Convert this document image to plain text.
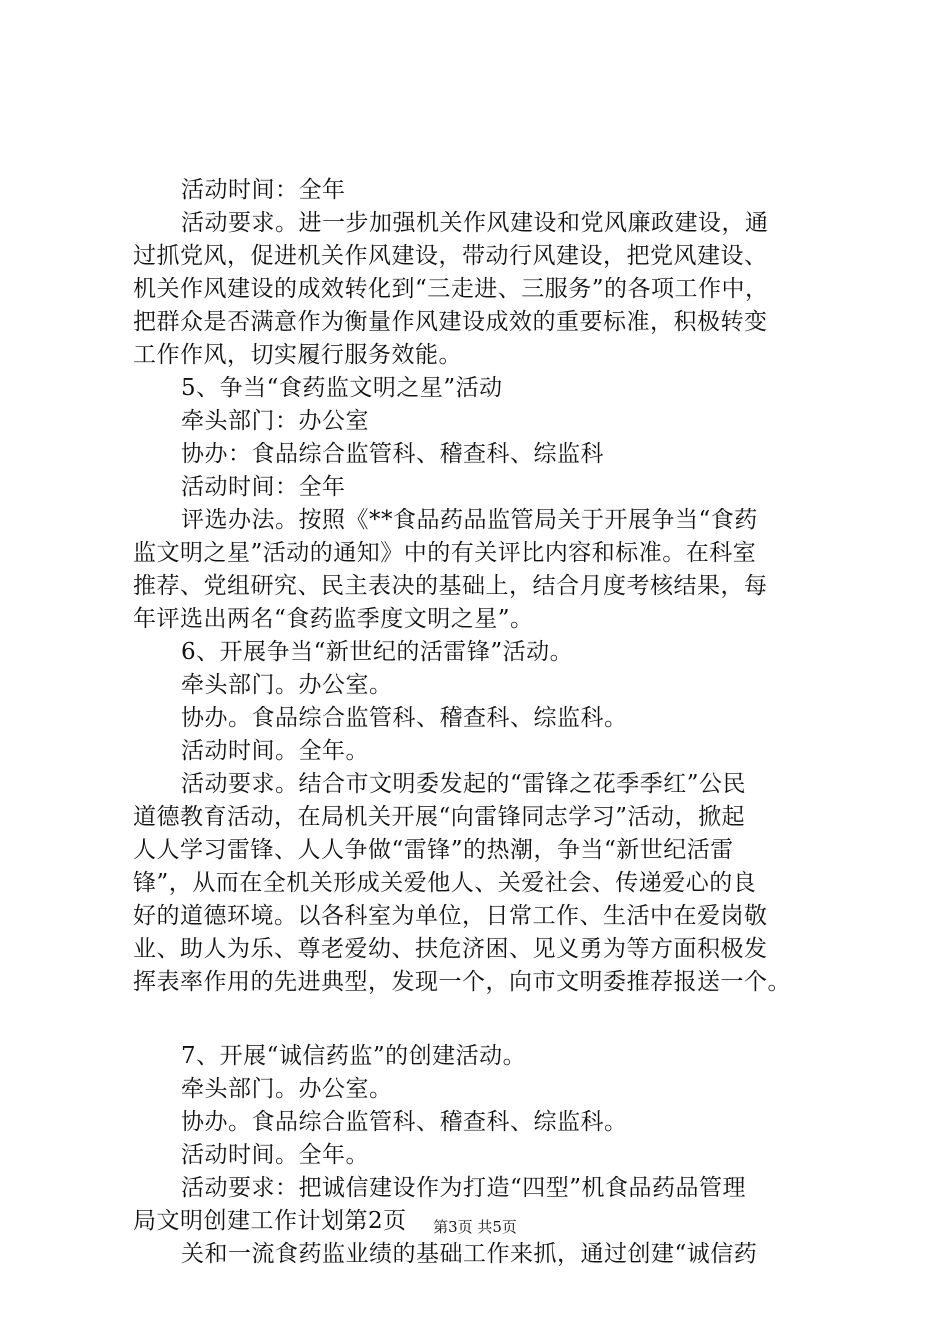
活动时间：全年
活动要求。进一步加强机关作风建设和党风廉政建设，通
过抓党风，促进机关作风建设，带动行风建设，把党风建设、
机关作风建设的成效转化到“三走进、三服务”的各项工作中，
把群众是否满意作为衡量作风建设成效的重要标准，积极转变
工作作风，切实履行服务效能。
5、争当“食药监文明之星”活动
牵头部门：办公室
协办：食品综合监管科、稽查科、综监科
活动时间：全年
评选办法。按照《**食品药品监管局关于开展争当“食药
监文明之星”活动的通知》中的有关评比内容和标准。在科室
推荐、党组研究、民主表决的基础上，结合月度考核结果，每
年评选出两名“食药监季度文明之星”。
6、开展争当“新世纪的活雷锋”活动。
牵头部门。办公室。
协办。食品综合监管科、稽查科、综监科。
活动时间。全年。
活动要求。结合市文明委发起的“雷锋之花季季红”公民
道德教育活动，在局机关开展“向雷锋同志学习”活动，掀起
人人学习雷锋、人人争做“雷锋”的热潮，争当“新世纪活雷
锋”，从而在全机关形成关爱他人、关爱社会、传递爱心的良
好的道德环境。以各科室为单位，日常工作、生活中在爱岗敬
业、助人为乐、尊老爱幼、扶危济困、见义勇为等方面积极发
挥表率作用的先进典型，发现一个，向市文明委推荐报送一个。
7、开展“诚信药监”的创建活动。
牵头部门。办公室。
协办。食品综合监管科、稽查科、综监科。
活动时间。全年。
活动要求：把诚信建设作为打造“四型”机食品药品管理
局文明创建工作计划第2页
关和一流食药监业绩的基础工作来抓，通过创建“诚信药
第3页 共5页
